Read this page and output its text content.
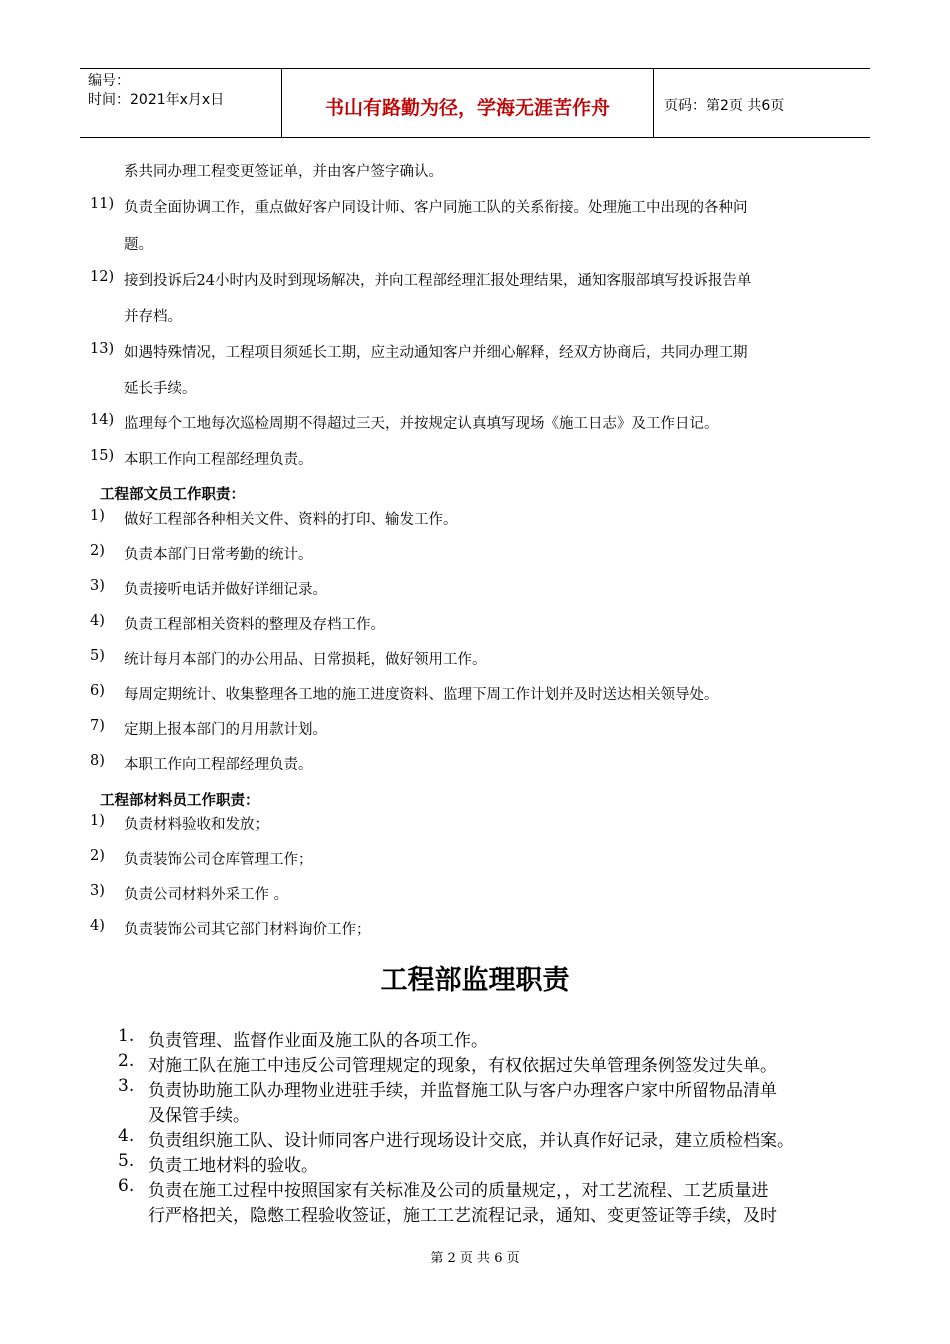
编号：
时间：2021年x月x日	书山有路勤为径，学海无涯苦作舟	页码：第2页 共6页
系共同办理工程变更签证单，并由客户签字确认。
11) 负责全面协调工作，重点做好客户同设计师、客户同施工队的关系衔接。处理施工中出现的各种问
题。
12) 接到投诉后24小时内及时到现场解决，并向工程部经理汇报处理结果，通知客服部填写投诉报告单
并存档。
13) 如遇特殊情况，工程项目须延长工期，应主动通知客户并细心解释，经双方协商后，共同办理工期
延长手续。
14) 监理每个工地每次巡检周期不得超过三天，并按规定认真填写现场《施工日志》及工作日记。
15) 本职工作向工程部经理负责。
工程部文员工作职责：
1) 做好工程部各种相关文件、资料的打印、输发工作。
2) 负责本部门日常考勤的统计。
3) 负责接听电话并做好详细记录。
4) 负责工程部相关资料的整理及存档工作。
5) 统计每月本部门的办公用品、日常损耗，做好领用工作。
6) 每周定期统计、收集整理各工地的施工进度资料、监理下周工作计划并及时送达相关领导处。
7) 定期上报本部门的月用款计划。
8) 本职工作向工程部经理负责。
工程部材料员工作职责：
1) 负责材料验收和发放；
2) 负责装饰公司仓库管理工作；
3) 负责公司材料外采工作 。
4) 负责装饰公司其它部门材料询价工作；
工程部监理职责
1. 负责管理、监督作业面及施工队的各项工作。
2. 对施工队在施工中违反公司管理规定的现象，有权依据过失单管理条例签发过失单。
3. 负责协助施工队办理物业进驻手续，并监督施工队与客户办理客户家中所留物品清单
及保管手续。
4. 负责组织施工队、设计师同客户进行现场设计交底，并认真作好记录，建立质检档案。
5. 负责工地材料的验收。
6. 负责在施工过程中按照国家有关标准及公司的质量规定，，对工艺流程、工艺质量进
行严格把关，隐憋工程验收签证，施工工艺流程记录，通知、变更签证等手续，及时
第 2 页 共 6 页
